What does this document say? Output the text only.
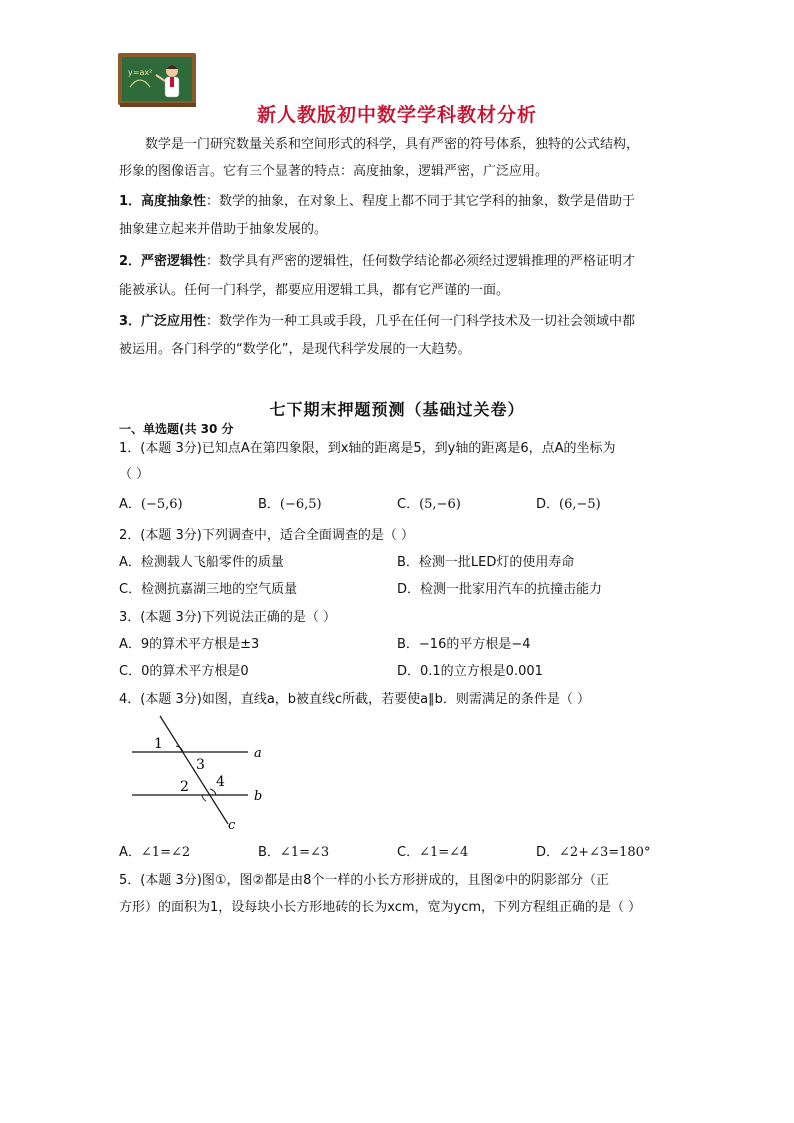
y=ax²
新人教版初中数学学科教材分析
数学是一门研究数量关系和空间形式的科学，具有严密的符号体系，独特的公式结构，
形象的图像语言。它有三个显著的特点：高度抽象，逻辑严密，广泛应用。
1．高度抽象性：数学的抽象，在对象上、程度上都不同于其它学科的抽象，数学是借助于
抽象建立起来并借助于抽象发展的。
2．严密逻辑性：数学具有严密的逻辑性，任何数学结论都必须经过逻辑推理的严格证明才
能被承认。任何一门科学，都要应用逻辑工具，都有它严谨的一面。
3．广泛应用性：数学作为一种工具或手段，几乎在任何一门科学技术及一切社会领域中都
被运用。各门科学的“数学化”，是现代科学发展的一大趋势。
七下期末押题预测（基础过关卷）
一、单选题(共 30 分
1．(本题 3分)已知点A在第四象限，到x轴的距离是5，到y轴的距离是6，点A的坐标为
（ ）
A．(−5,6)	B．(−6,5)	C．(5,−6)	D．(6,−5)
2．(本题 3分)下列调查中，适合全面调查的是（ ）
A．检测载人飞船零件的质量	B．检测一批LED灯的使用寿命
C．检测抗嘉湖三地的空气质量	D．检测一批家用汽车的抗撞击能力
3．(本题 3分)下列说法正确的是（ ）
A．9的算术平方根是±3	B．−16的平方根是−4
C．0的算术平方根是0	D．0.1的立方根是0.001
4．(本题 3分)如图，直线a，b被直线c所截，若要使a∥b．则需满足的条件是（ ）
1
3
2 4
a
b
c
A．∠1=∠2	B．∠1=∠3	C．∠1=∠4	D．∠2+∠3=180°
5．(本题 3分)图①，图②都是由8个一样的小长方形拼成的，且图②中的阴影部分（正
方形）的面积为1，设每块小长方形地砖的长为xcm，宽为ycm，下列方程组正确的是（ ）
